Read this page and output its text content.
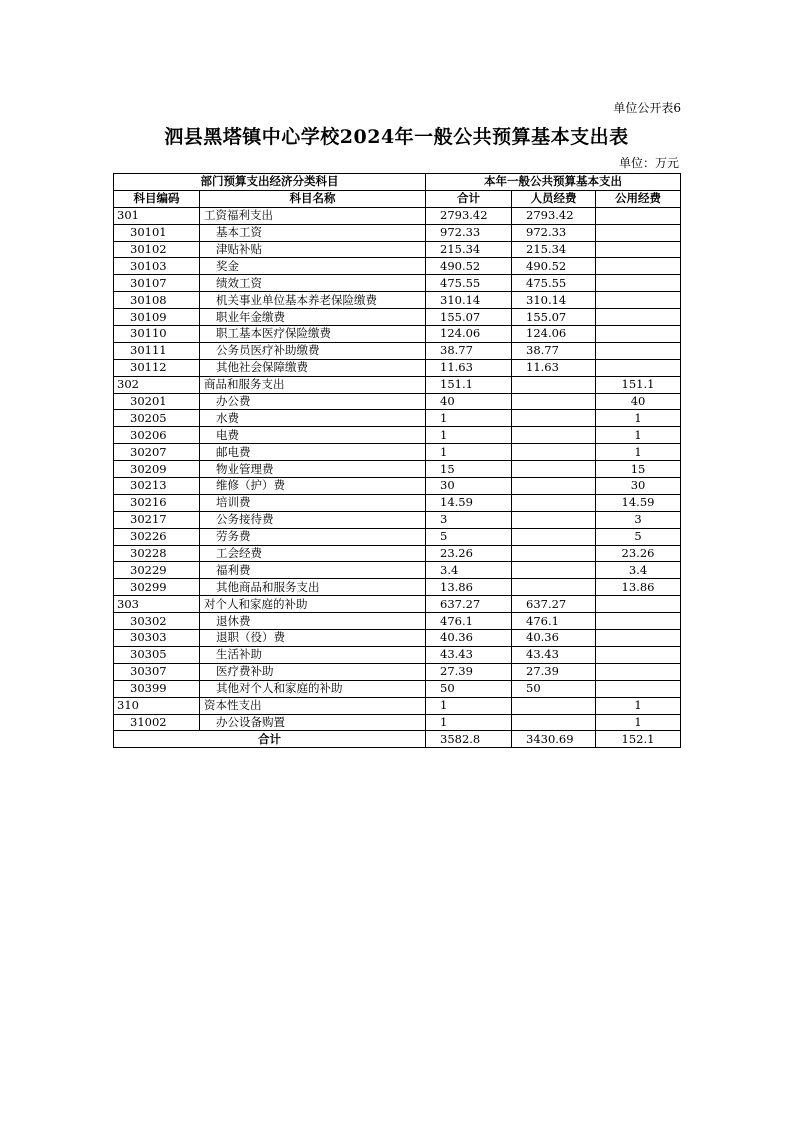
单位公开表6
泗县黑塔镇中心学校2024年一般公共预算基本支出表
单位：万元
部门预算支出经济分类科目		本年一般公共预算基本支出		
科目编码	科目名称	合计	人员经费	公用经费
301	工资福利支出	2793.42	2793.42	
30101	基本工资	972.33	972.33	
30102	津贴补贴	215.34	215.34	
30103	奖金	490.52	490.52	
30107	绩效工资	475.55	475.55	
30108	机关事业单位基本养老保险缴费	310.14	310.14	
30109	职业年金缴费	155.07	155.07	
30110	职工基本医疗保险缴费	124.06	124.06	
30111	公务员医疗补助缴费	38.77	38.77	
30112	其他社会保障缴费	11.63	11.63	
302	商品和服务支出	151.1		151.1
30201	办公费	40		40
30205	水费	1		1
30206	电费	1		1
30207	邮电费	1		1
30209	物业管理费	15		15
30213	维修（护）费	30		30
30216	培训费	14.59		14.59
30217	公务接待费	3		3
30226	劳务费	5		5
30228	工会经费	23.26		23.26
30229	福利费	3.4		3.4
30299	其他商品和服务支出	13.86		13.86
303	对个人和家庭的补助	637.27	637.27	
30302	退休费	476.1	476.1	
30303	退职（役）费	40.36	40.36	
30305	生活补助	43.43	43.43	
30307	医疗费补助	27.39	27.39	
30399	其他对个人和家庭的补助	50	50	
310	资本性支出	1		1
31002	办公设备购置	1		1
合计		3582.8	3430.69	152.1
